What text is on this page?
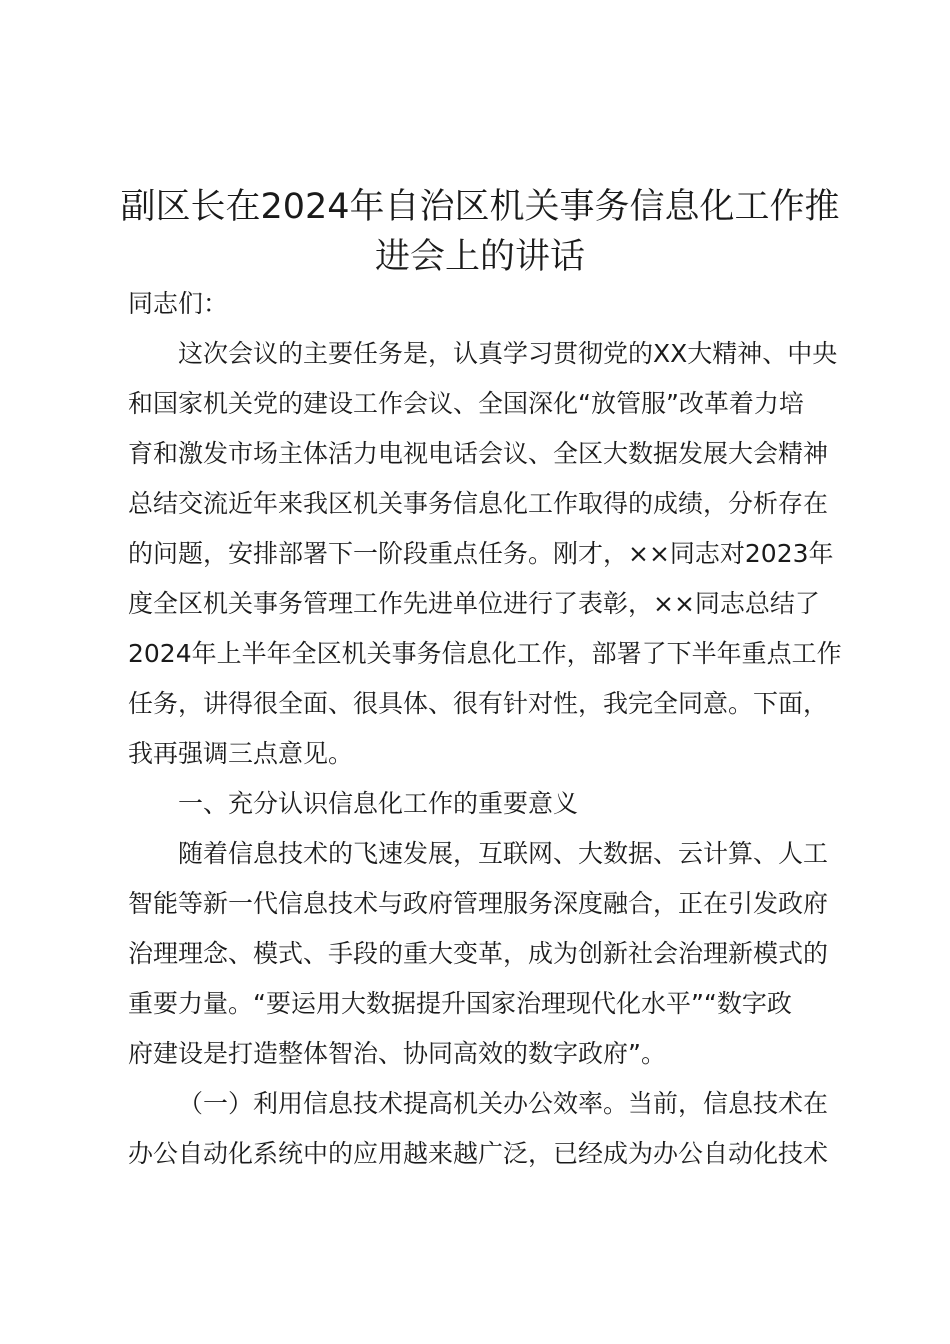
副区长在2024年自治区机关事务信息化工作推
进会上的讲话

同志们：

这次会议的主要任务是，认真学习贯彻党的XX大精神、中央

和国家机关党的建设工作会议、全国深化“放管服”改革着力培

育和激发市场主体活力电视电话会议、全区大数据发展大会精神

总结交流近年来我区机关事务信息化工作取得的成绩，分析存在

的问题，安排部署下一阶段重点任务。刚才，××同志对2023年

度全区机关事务管理工作先进单位进行了表彰，××同志总结了

2024年上半年全区机关事务信息化工作，部署了下半年重点工作

任务，讲得很全面、很具体、很有针对性，我完全同意。下面，

我再强调三点意见。

一、充分认识信息化工作的重要意义

随着信息技术的飞速发展，互联网、大数据、云计算、人工

智能等新一代信息技术与政府管理服务深度融合，正在引发政府

治理理念、模式、手段的重大变革，成为创新社会治理新模式的

重要力量。“要运用大数据提升国家治理现代化水平”“数字政

府建设是打造整体智治、协同高效的数字政府”。

（一）利用信息技术提高机关办公效率。当前，信息技术在

办公自动化系统中的应用越来越广泛，已经成为办公自动化技术
